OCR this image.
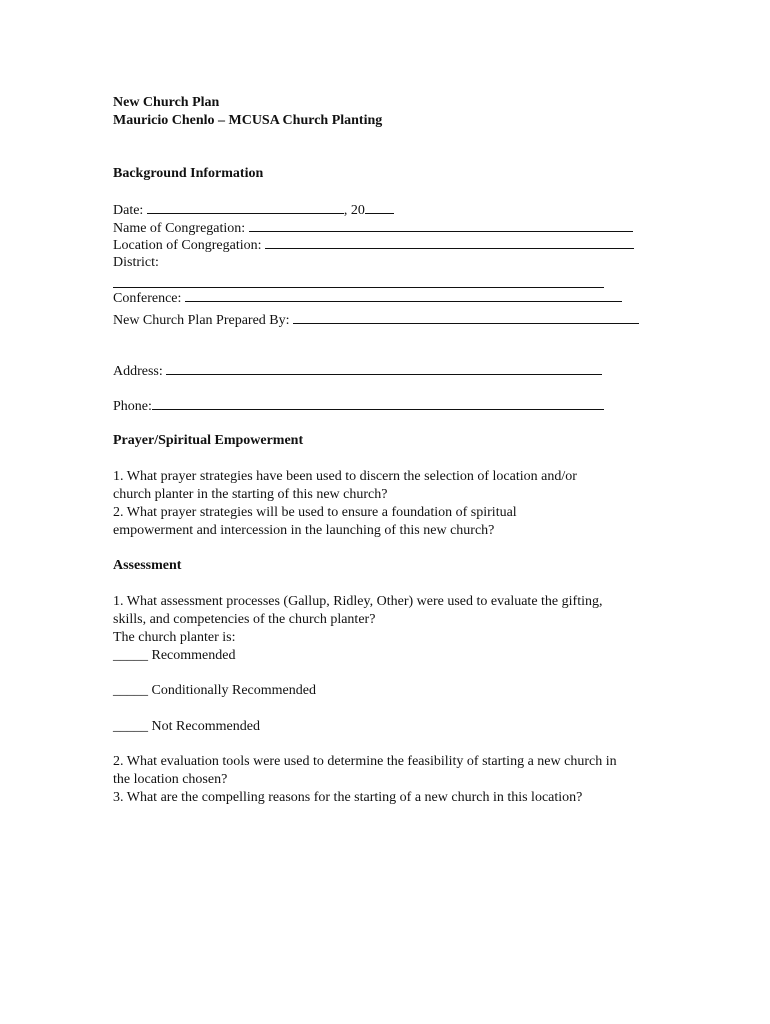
New Church Plan
Mauricio Chenlo – MCUSA Church Planting
Background Information
Date:	, 20
Name of Congregation:
Location of Congregation:
District:
Conference:
New Church Plan Prepared By:
Address:
Phone:
Prayer/Spiritual Empowerment
1. What prayer strategies have been used to discern the selection of location and/or
church planter in the starting of this new church?
2. What prayer strategies will be used to ensure a foundation of spiritual
empowerment and intercession in the launching of this new church?
Assessment
1. What assessment processes (Gallup, Ridley, Other) were used to evaluate the gifting,
skills, and competencies of the church planter?
The church planter is:
_____ Recommended
_____ Conditionally Recommended
_____ Not Recommended
2. What evaluation tools were used to determine the feasibility of starting a new church in
the location chosen?
3. What are the compelling reasons for the starting of a new church in this location?
